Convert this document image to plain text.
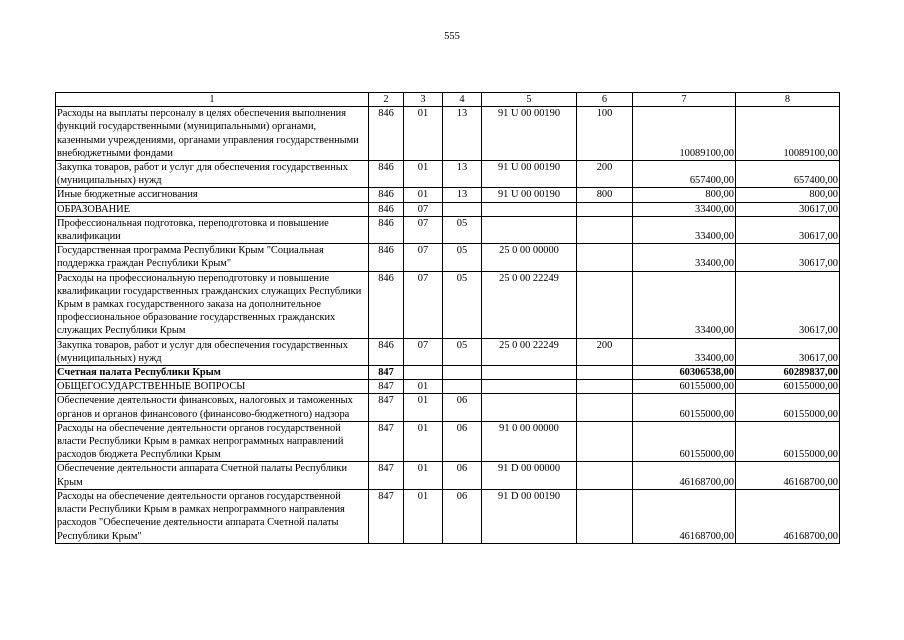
555
1	2	3	4	5	6	7	8
Расходы на выплаты персоналу в целях обеспечения выполнения функций государственными (муниципальными) органами, казенными учреждениями, органами управления государственными внебюджетными фондами	846	01	13	91 U 00 00190	100	10089100,00	10089100,00
Закупка товаров, работ и услуг для обеспечения государственных (муниципальных) нужд	846	01	13	91 U 00 00190	200	657400,00	657400,00
Иные бюджетные ассигнования	846	01	13	91 U 00 00190	800	800,00	800,00
ОБРАЗОВАНИЕ	846	07				33400,00	30617,00
Профессиональная подготовка, переподготовка и повышение квалификации	846	07	05			33400,00	30617,00
Государственная программа Республики Крым "Социальная поддержка граждан Республики Крым"	846	07	05	25 0 00 00000		33400,00	30617,00
Расходы на профессиональную переподготовку и повышение квалификации государственных гражданских служащих Республики Крым в рамках государственного заказа на дополнительное профессиональное образование государственных гражданских служащих Республики Крым	846	07	05	25 0 00 22249		33400,00	30617,00
Закупка товаров, работ и услуг для обеспечения государственных (муниципальных) нужд	846	07	05	25 0 00 22249	200	33400,00	30617,00
Счетная палата Республики Крым	847					60306538,00	60289837,00
ОБЩЕГОСУДАРСТВЕННЫЕ ВОПРОСЫ	847	01				60155000,00	60155000,00
Обеспечение деятельности финансовых, налоговых и таможенных органов и органов финансового (финансово-бюджетного) надзора	847	01	06			60155000,00	60155000,00
Расходы на обеспечение деятельности органов государственной власти Республики Крым в рамках непрограммных направлений расходов бюджета Республики Крым	847	01	06	91 0 00 00000		60155000,00	60155000,00
Обеспечение деятельности аппарата Счетной палаты Республики Крым	847	01	06	91 D 00 00000		46168700,00	46168700,00
Расходы на обеспечение деятельности органов государственной власти Республики Крым в рамках непрограммного направления расходов "Обеспечение деятельности аппарата Счетной палаты Республики Крым"	847	01	06	91 D 00 00190		46168700,00	46168700,00
